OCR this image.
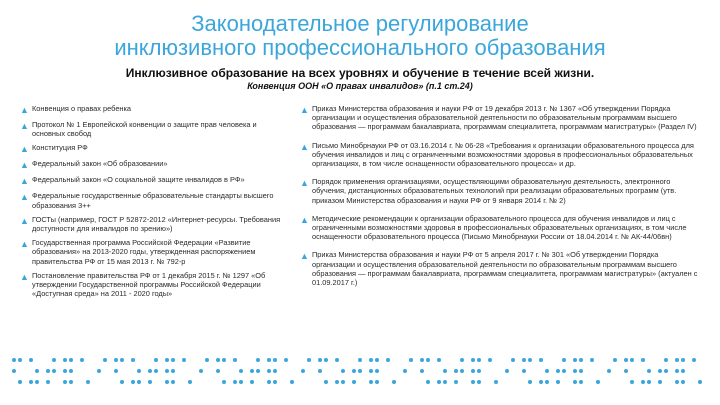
Законодательное регулирование
инклюзивного профессионального образования
Инклюзивное образование на всех уровнях и обучение в течение всей жизни.
Конвенция ООН «О правах инвалидов» (п.1 ст.24)
▲ Конвенция о правах ребенка
▲ Протокол № 1 Европейской конвенции о защите прав человека и основных свобод
▲ Конституция РФ
▲ Федеральный закон «Об образовании»
▲ Федеральный закон «О социальной защите инвалидов в РФ»
▲ Федеральные государственные образовательные стандарты высшего образования 3++
▲ ГОСТы (например, ГОСТ Р 52872-2012 «Интернет-ресурсы. Требования доступности для инвалидов по зрению»)
▲ Государственная программа Российской Федерации «Развитие образования» на 2013-2020 годы, утвержденная распоряжением правительства РФ от 15 мая 2013 г. № 792-р
▲ Постановление правительства РФ от 1 декабря 2015 г. № 1297 «Об утверждении Государственной программы Российской Федерации «Доступная среда» на 2011 - 2020 годы»
▲ Приказ Министерства образования и науки РФ от 19 декабря 2013 г. № 1367 «Об утверждении Порядка организации и осуществления образовательной деятельности по образовательным программам высшего образования — программам бакалавриата, программам специалитета, программам магистратуры» (Раздел IV)
▲ Письмо Минобрнауки РФ от 03.16.2014 г. № 06-28 «Требования к организации образовательного процесса для обучения инвалидов и лиц с ограниченными возможностями здоровья в профессиональных образовательных организациях, в том числе оснащенности образовательного процесса» и др.
▲ Порядок применения организациями, осуществляющими образовательную деятельность, электронного обучения, дистанционных образовательных технологий при реализации образовательных программ (утв. приказом Министерства образования и науки РФ от 9 января 2014 г. № 2)
▲ Методические рекомендации к организации образовательного процесса для обучения инвалидов и лиц с ограниченными возможностями здоровья в профессиональных образовательных организациях, в том числе оснащенности образовательного процесса (Письмо Минобрнауки России от 18.04.2014 г. № АК-44/06вн)
▲ Приказ Министерства образования и науки РФ от 5 апреля 2017 г. № 301 «Об утверждении Порядка организации и осуществления образовательной деятельности по образовательным программам высшего образования — программам бакалавриата, программам специалитета, программам магистратуры» (актуален с 01.09.2017 г.)
